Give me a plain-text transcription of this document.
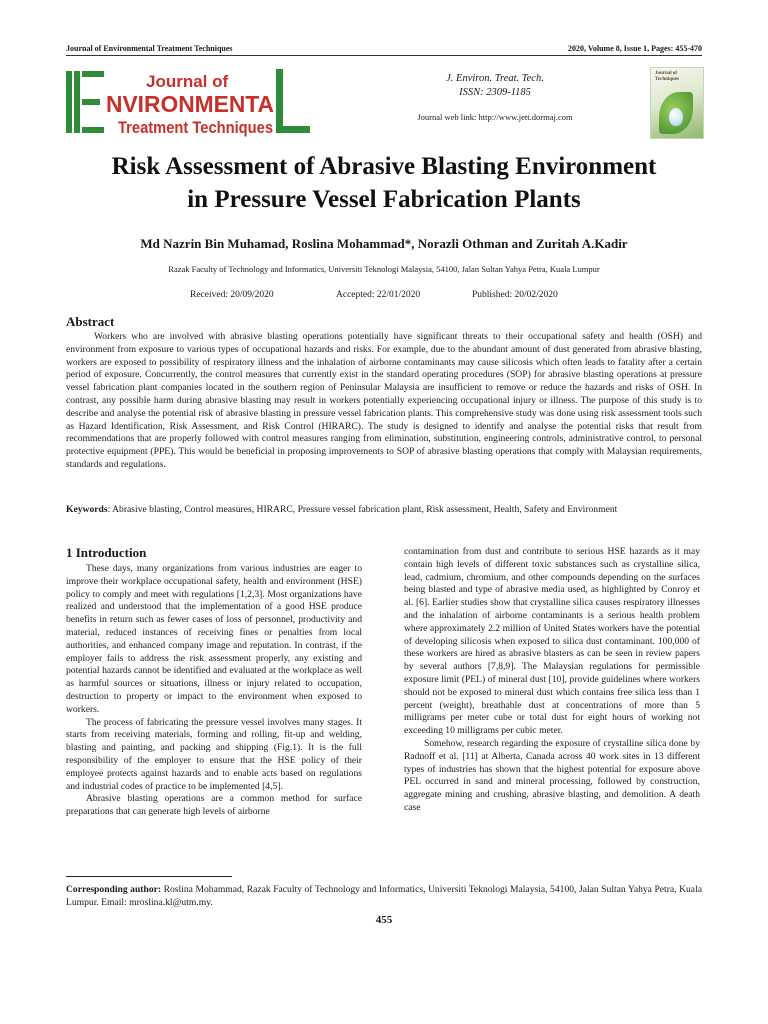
Journal of Environmental Treatment Techniques	2020, Volume 8, Issue 1, Pages: 455-470
Journal of
NVIRONMENTA
Treatment Techniques
J. Environ. Treat. Tech.
ISSN: 2309-1185
Journal web link: http://www.jett.dormaj.com
Journal of
Techniques
Risk Assessment of Abrasive Blasting Environment
in Pressure Vessel Fabrication Plants
Md Nazrin Bin Muhamad, Roslina Mohammad*, Norazli Othman and Zuritah A.Kadir
Razak Faculty of Technology and Informatics, Universiti Teknologi Malaysia, 54100, Jalan Sultan Yahya Petra, Kuala Lumpur
Received: 20/09/2020	Accepted: 22/01/2020	Published: 20/02/2020
Abstract

Workers who are involved with abrasive blasting operations potentially have significant threats to their occupational safety and health (OSH) and environment from exposure to various types of occupational hazards and risks. For example, due to the abundant amount of dust generated from abrasive blasting, workers are exposed to possibility of respiratory illness and the inhalation of airborne contaminants may cause silicosis which often leads to fatality after a certain period of exposure. Concurrently, the control measures that currently exist in the standard operating procedures (SOP) for abrasive blasting operations at pressure vessel fabrication plant companies located in the southern region of Peninsular Malaysia are insufficient to remove or reduce the hazards and risks of OSH. In contrast, any possible harm during abrasive blasting may result in workers potentially experiencing occupational injury or illness. The purpose of this study is to describe and analyse the potential risk of abrasive blasting in pressure vessel fabrication plants. This comprehensive study was done using risk assessment tools such as Hazard Identification, Risk Assessment, and Risk Control (HIRARC). The study is designed to identify and analyse the potential risks that result from recommendations that are properly followed with control measures ranging from elimination, substitution, engineering controls, administrative control, to personal protective equipment (PPE). This would be beneficial in proposing improvements to SOP of abrasive blasting operations that comply with Malaysian requirements, standards and regulations.

Keywords: Abrasive blasting, Control measures, HIRARC, Pressure vessel fabrication plant, Risk assessment, Health, Safety and Environment

1 Introduction

These days, many organizations from various industries are eager to improve their workplace occupational safety, health and environment (HSE) policy to comply and meet with regulations [1,2,3]. Most organizations have realized and understood that the implementation of a good HSE produce benefits in return such as fewer cases of loss of personnel, productivity and material, reduced instances of receiving fines or penalties from local authorities, and enhanced company image and reputation. In contrast, if the employer fails to address the risk assessment properly, any existing and potential hazards cannot be identified and evaluated at the workplace as well as harmful sources or situations, illness or injury related to occupation, destruction to property or impact to the environment when exposed to workers.

The process of fabricating the pressure vessel involves many stages. It starts from receiving materials, forming and rolling, fit-up and welding, blasting and painting, and packing and shipping (Fig.1). It is the full responsibility of the employer to ensure that the HSE policy of their employee protects against hazards and to enable acts based on regulations and industrial codes of practice to be implemented [4,5].

Abrasive blasting operations are a common method for surface preparations that can generate high levels of airborne

contamination from dust and contribute to serious HSE hazards as it may contain high levels of different toxic substances such as crystalline silica, lead, cadmium, chromium, and other compounds depending on the surfaces being blasted and type of abrasive media used, as highlighted by Conroy et al. [6]. Earlier studies show that crystalline silica causes respiratory illnesses and the inhalation of airborne contaminants is a serious health problem where approximately 2.2 million of United States workers have the potential of developing silicosis when exposed to silica dust contaminant. 100,000 of these workers are hired as abrasive blasters as can be seen in review papers by several authors [7,8,9]. The Malaysian regulations for permissible exposure limit (PEL) of mineral dust [10], provide guidelines where workers should not be exposed to mineral dust which contains free silica less than 1 percent (weight), breathable dust at concentrations of more than 5 milligrams per meter cube or total dust for eight hours of working not exceeding 10 milligrams per cubic meter.

Somehow, research regarding the exposure of crystalline silica done by Radnoff et al. [11] at Alberta, Canada across 40 work sites in 13 different types of industries has shown that the highest potential for exposure above PEL occurred in sand and mineral processing, followed by construction, aggregate mining and crushing, abrasive blasting, and demolition. A death case

Corresponding author: Roslina Mohammad, Razak Faculty of Technology and Informatics, Universiti Teknologi Malaysia, 54100, Jalan Sultan Yahya Petra, Kuala Lumpur. Email: mroslina.kl@utm.my.

455
